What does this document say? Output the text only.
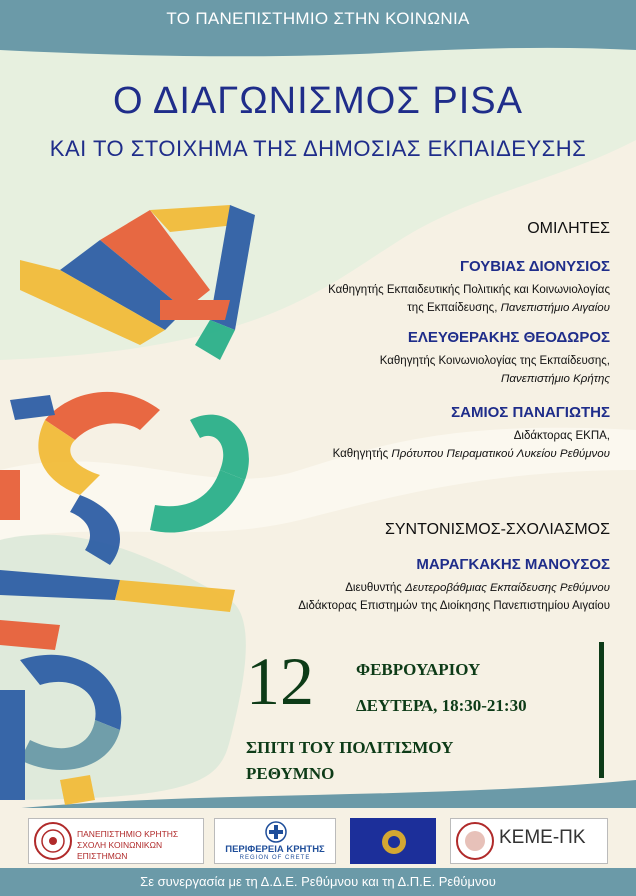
ΤΟ ΠΑΝΕΠΙΣΤΗΜΙΟ ΣΤΗΝ ΚΟΙΝΩΝΙΑ
Ο ΔΙΑΓΩΝΙΣΜΟΣ PISA
ΚΑΙ ΤΟ ΣΤΟΙΧΗΜΑ ΤΗΣ ΔΗΜΟΣΙΑΣ ΕΚΠΑΙΔΕΥΣΗΣ
ΟΜΙΛΗΤΕΣ
ΓΟΥΒΙΑΣ ΔΙΟΝΥΣΙΟΣ
Καθηγητής Εκπαιδευτικής Πολιτικής και Κοινωνιολογίας
της Εκπαίδευσης, Πανεπιστήμιο Αιγαίου
ΕΛΕΥΘΕΡΑΚΗΣ ΘΕΟΔΩΡΟΣ
Καθηγητής Κοινωνιολογίας της Εκπαίδευσης,
Πανεπιστήμιο Κρήτης
ΣΑΜΙΟΣ ΠΑΝΑΓΙΩΤΗΣ
Διδάκτορας ΕΚΠΑ,
Καθηγητής Πρότυπου Πειραματικού Λυκείου Ρεθύμνου
ΣΥΝΤΟΝΙΣΜΟΣ-ΣΧΟΛΙΑΣΜΟΣ
ΜΑΡΑΓΚΑΚΗΣ ΜΑΝΟΥΣΟΣ
Διευθυντής Δευτεροβάθμιας Εκπαίδευσης Ρεθύμνου
Διδάκτορας Επιστημών της Διοίκησης Πανεπιστημίου Αιγαίου
12 ΦΕΒΡΟΥΑΡΙΟΥ
ΔΕΥΤΕΡΑ, 18:30-21:30
ΣΠΙΤΙ ΤΟΥ ΠΟΛΙΤΙΣΜΟΥ
ΡΕΘΥΜΝΟ
ΠΑΝΕΠΙΣΤΗΜΙΟ ΚΡΗΤΗΣ
ΣΧΟΛΗ ΚΟΙΝΩΝΙΚΩΝ ΕΠΙΣΤΗΜΩΝ
ΠΕΡΙΦΕΡΕΙΑ ΚΡΗΤΗΣ
REGION OF CRETE
ΚΕΜΕ-ΠΚ
Σε συνεργασία με τη Δ.Δ.Ε. Ρεθύμνου και τη Δ.Π.Ε. Ρεθύμνου
